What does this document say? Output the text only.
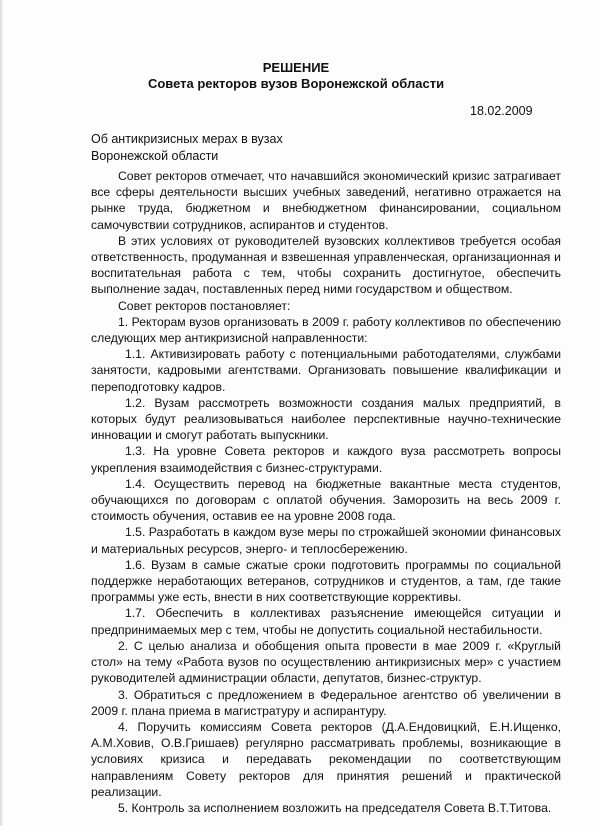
РЕШЕНИЕ
Совета ректоров вузов Воронежской области
18.02.2009
Об антикризисных мерах в вузах
Воронежской области

Совет ректоров отмечает, что начавшийся экономический кризис затрагивает все сферы деятельности высших учебных заведений, негативно отражается на рынке труда, бюджетном и внебюджетном финансировании, социальном самочувствии сотрудников, аспирантов и студентов.

В этих условиях от руководителей вузовских коллективов требуется особая ответственность, продуманная и взвешенная управленческая, организационная и воспитательная работа с тем, чтобы сохранить достигнутое, обеспечить выполнение задач, поставленных перед ними государством и обществом.

Совет ректоров постановляет:

1. Ректорам вузов организовать в 2009 г. работу коллективов по обеспечению следующих мер антикризисной направленности:

1.1. Активизировать работу с потенциальными работодателями, службами занятости, кадровыми агентствами. Организовать повышение квалификации и переподготовку кадров.

1.2. Вузам рассмотреть возможности создания малых предприятий, в которых будут реализовываться наиболее перспективные научно-технические инновации и смогут работать выпускники.

1.3. На уровне Совета ректоров и каждого вуза рассмотреть вопросы укрепления взаимодействия с бизнес-структурами.

1.4. Осуществить перевод на бюджетные вакантные места студентов, обучающихся по договорам с оплатой обучения. Заморозить на весь 2009 г. стоимость обучения, оставив ее на уровне 2008 года.

1.5. Разработать в каждом вузе меры по строжайшей экономии финансовых и материальных ресурсов, энерго- и теплосбережению.

1.6. Вузам в самые сжатые сроки подготовить программы по социальной поддержке неработающих ветеранов, сотрудников и студентов, а там, где такие программы уже есть, внести в них соответствующие коррективы.

1.7. Обеспечить в коллективах разъяснение имеющейся ситуации и предпринимаемых мер с тем, чтобы не допустить социальной нестабильности.

2. С целью анализа и обобщения опыта провести в мае 2009 г. «Круглый стол» на тему «Работа вузов по осуществлению антикризисных мер» с участием руководителей администрации области, депутатов, бизнес-структур.

3. Обратиться с предложением в Федеральное агентство об увеличении в 2009 г. плана приема в магистратуру и аспирантуру.

4. Поручить комиссиям Совета ректоров (Д.А.Ендовицкий, Е.Н.Ищенко, А.М.Ховив, О.В.Гришаев) регулярно рассматривать проблемы, возникающие в условиях кризиса и передавать рекомендации по соответствующим направлениям Совету ректоров для принятия решений и практической реализации.

5. Контроль за исполнением возложить на председателя Совета В.Т.Титова.
